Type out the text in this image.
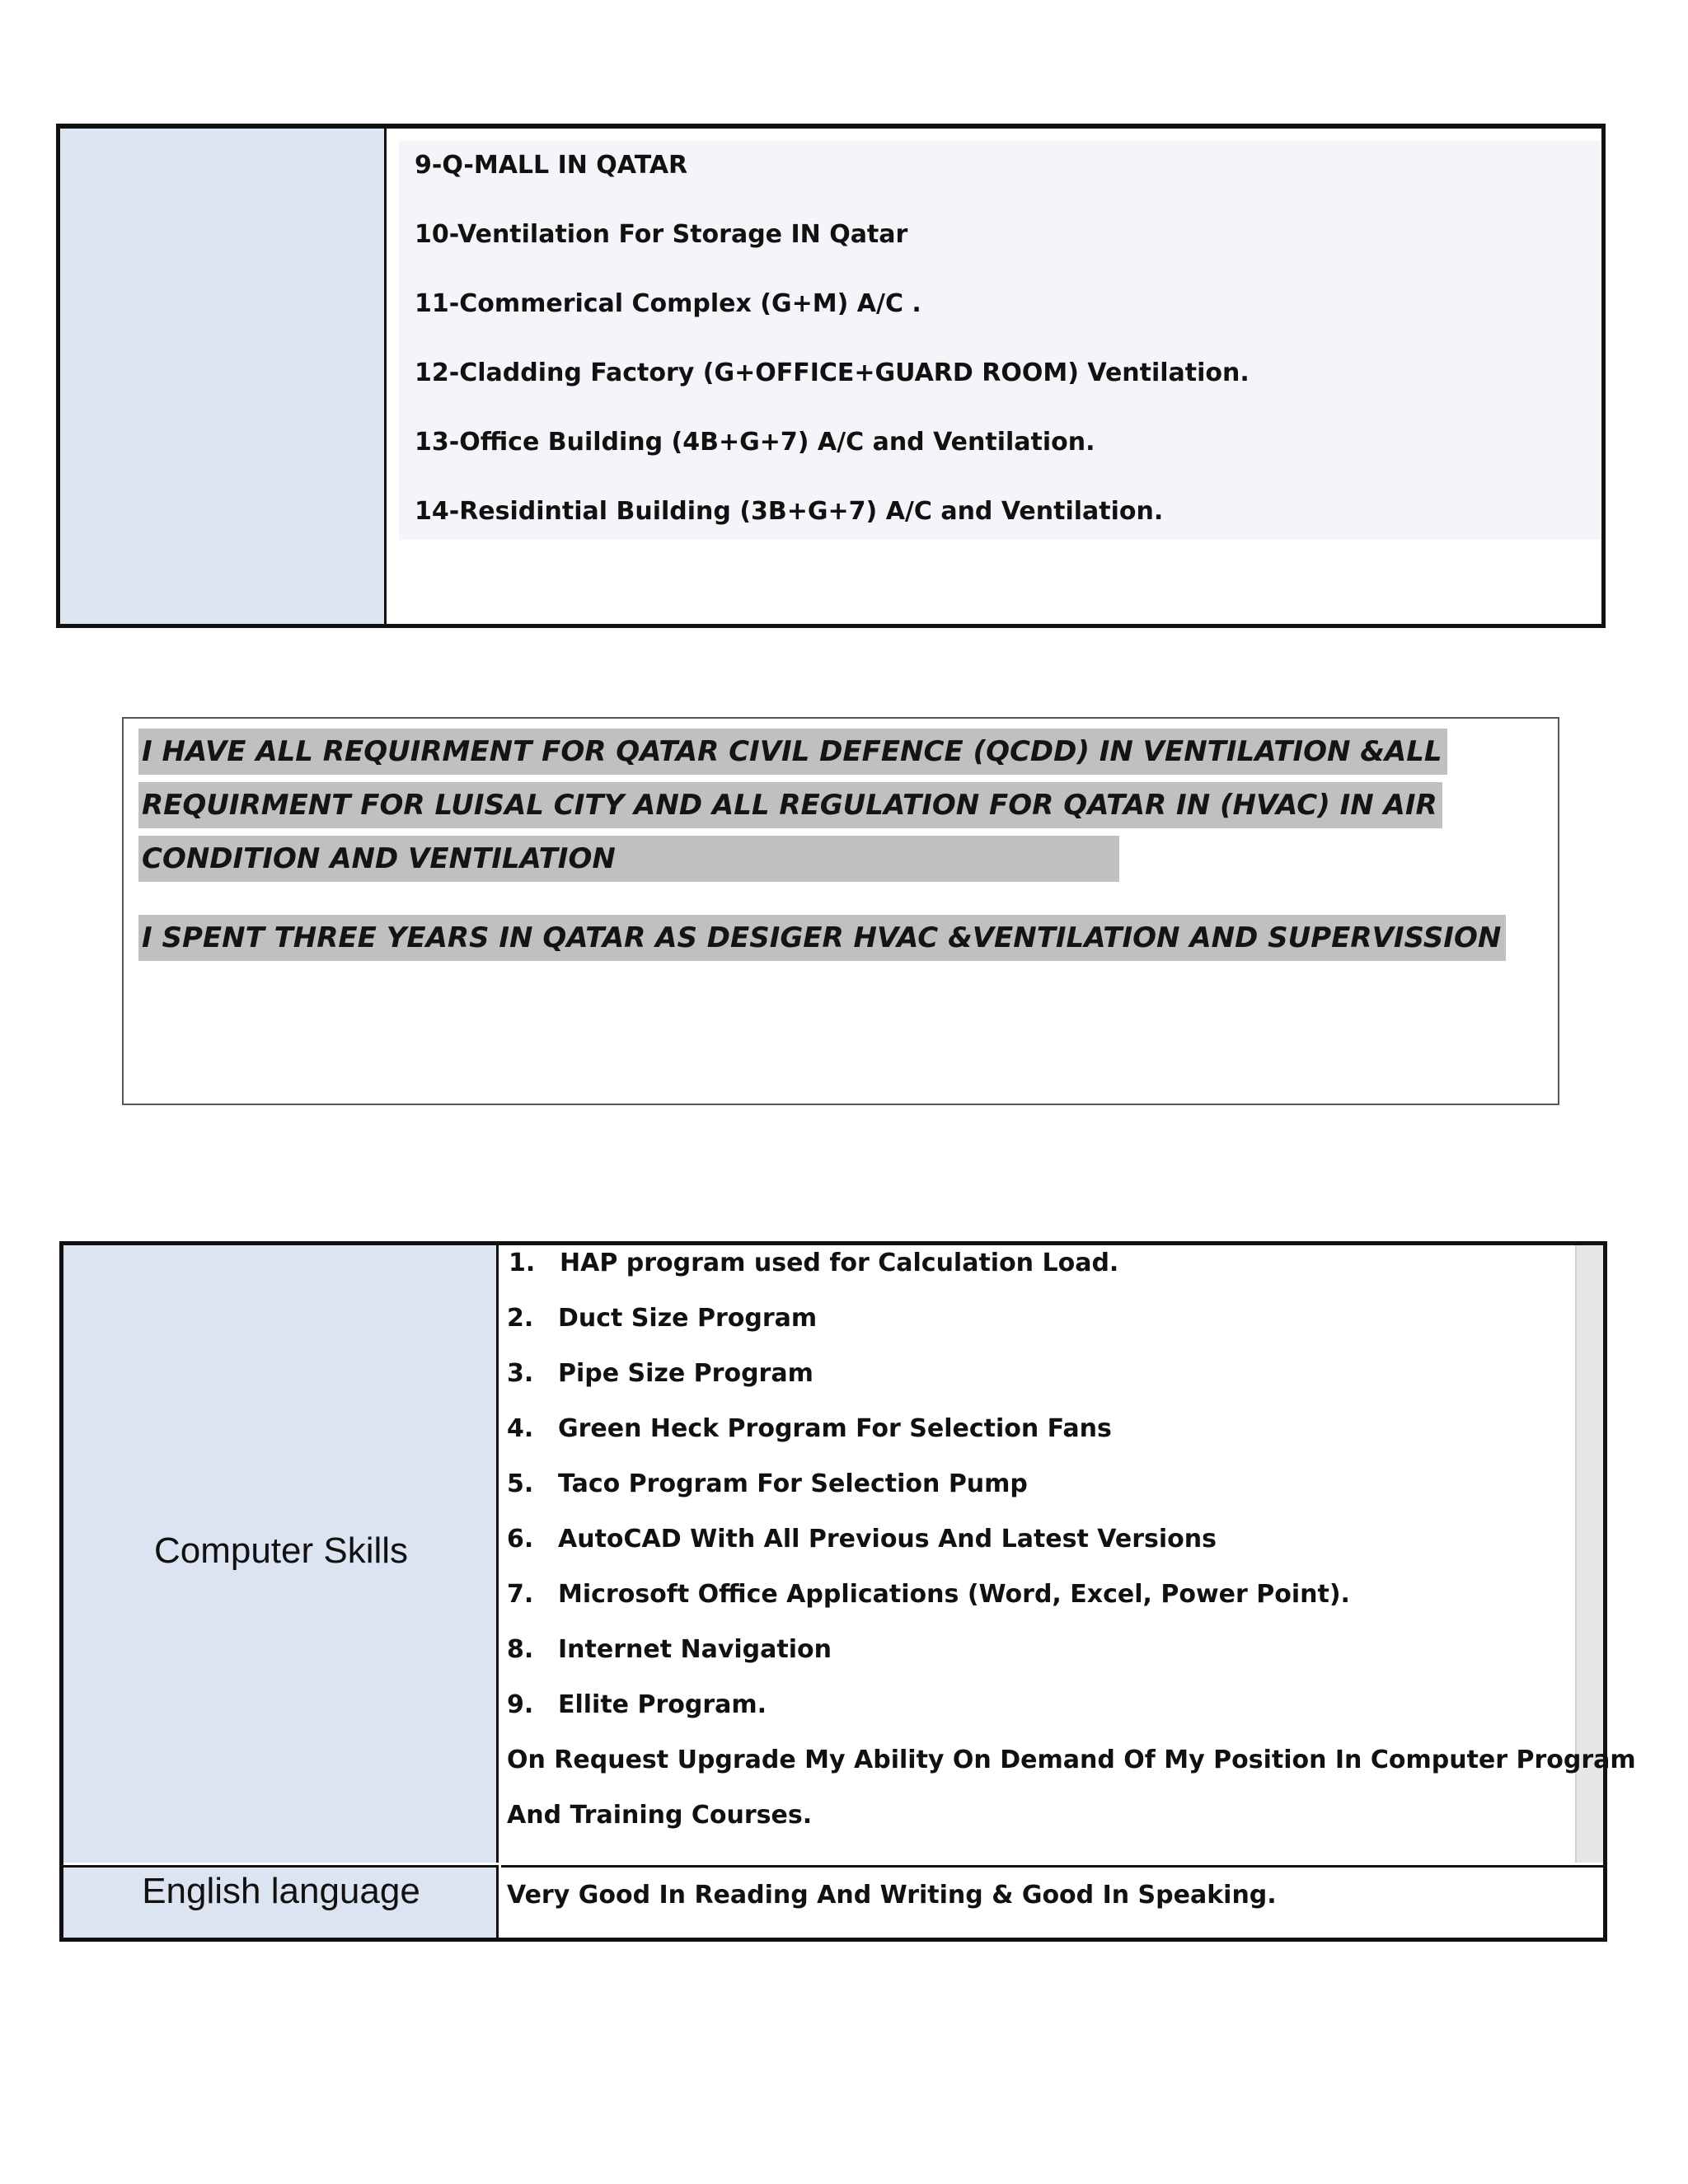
9-Q-MALL IN QATAR
10-Ventilation For Storage IN Qatar
11-Commerical Complex (G+M) A/C .
12-Cladding Factory (G+OFFICE+GUARD ROOM) Ventilation.
13-Office Building (4B+G+7) A/C and Ventilation.
14-Residintial Building (3B+G+7) A/C and Ventilation.
I HAVE ALL REQUIRMENT FOR QATAR CIVIL DEFENCE (QCDD) IN VENTILATION &ALL
REQUIRMENT FOR LUISAL CITY AND ALL REGULATION FOR QATAR IN (HVAC) IN AIR
CONDITION AND VENTILATION
I SPENT THREE YEARS IN QATAR AS DESIGER HVAC &VENTILATION AND SUPERVISSION
Computer Skills
1. HAP program used for Calculation Load.
2. Duct Size Program
3. Pipe Size Program
4. Green Heck Program For Selection Fans
5. Taco Program For Selection Pump
6. AutoCAD With All Previous And Latest Versions
7. Microsoft Office Applications (Word, Excel, Power Point).
8. Internet Navigation
9. Ellite Program.
On Request Upgrade My Ability On Demand Of My Position In Computer Program
And Training Courses.
English language	Very Good In Reading And Writing & Good In Speaking.
